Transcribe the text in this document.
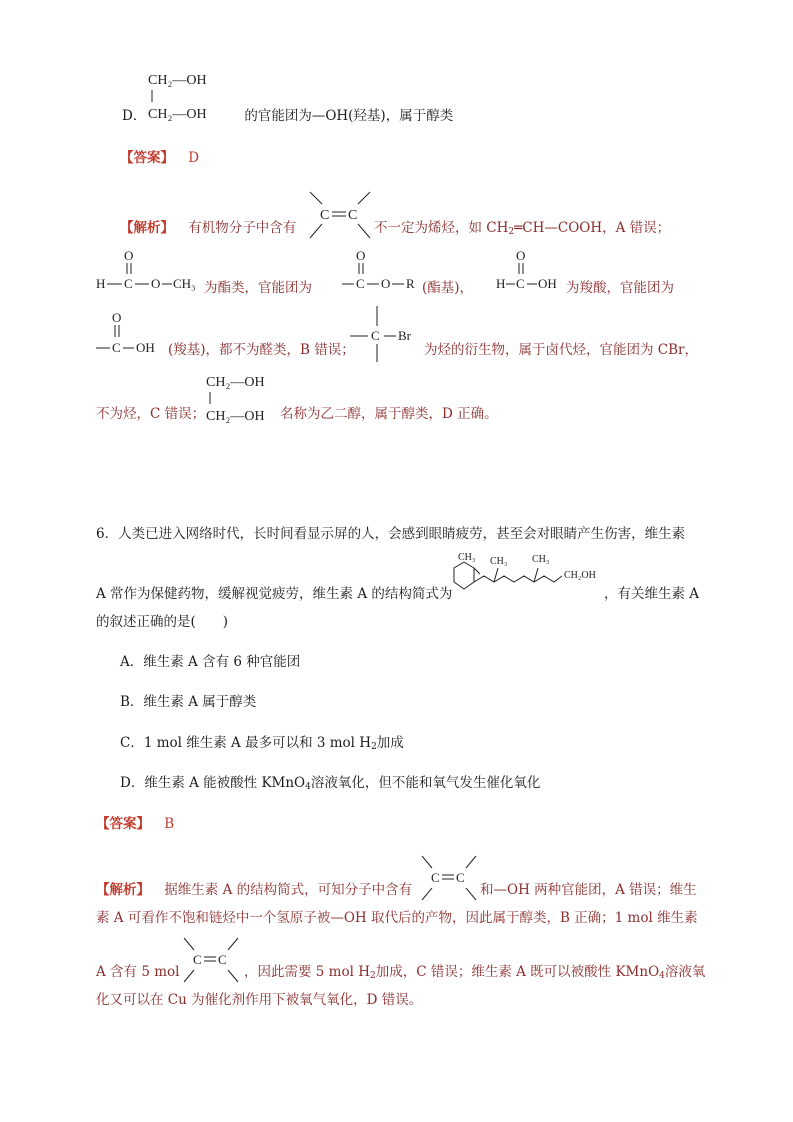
CH₂—OH
CH₂—OH
D．	的官能团为—OH(羟基)，属于醇类
【答案】 D
【解析】 有机物分子中含有
C C
不一定为烯烃，如 $CH_2═CH—COOH$，A 错误；
O
H C O CH₃ 为酯类，官能团为
O
C O R (酯基)，
O
H C OH 为羧酸，官能团为
O
C OH (羧基)，都不为醛类，B 错误；
C Br
为烃的衍生物，属于卤代烃，官能团为 CBr，
不为烃，C 错误；
CH₂—OH
CH₂—OH 名称为乙二醇，属于醇类，D 正确。
6．人类已进入网络时代，长时间看显示屏的人，会感到眼睛疲劳，甚至会对眼睛产生伤害，维生素
CH₃ CH₃ CH₃
CH₂OH
A 常作为保健药物，缓解视觉疲劳，维生素 A 的结构简式为	，有关维生素 A
的叙述正确的是(　　)
A．维生素 A 含有 6 种官能团
B．维生素 A 属于醇类
C．1 mol 维生素 A 最多可以和 3 mol $H_2$加成
D．维生素 A 能被酸性 KMnO$_4$溶液氧化，但不能和氧气发生催化氧化
【答案】 B
【解析】 据维生素 A 的结构简式，可知分子中含有
C C
和—OH 两种官能团，A 错误；维生
素 A 可看作不饱和链烃中一个氢原子被—OH 取代后的产物，因此属于醇类，B 正确；1 mol 维生素
A 含有 5 mol
C C
，因此需要 5 mol $H_2$加成，C 错误；维生素 A 既可以被酸性 KMnO$_4$溶液氧
化又可以在 Cu 为催化剂作用下被氧气氧化，D 错误。
